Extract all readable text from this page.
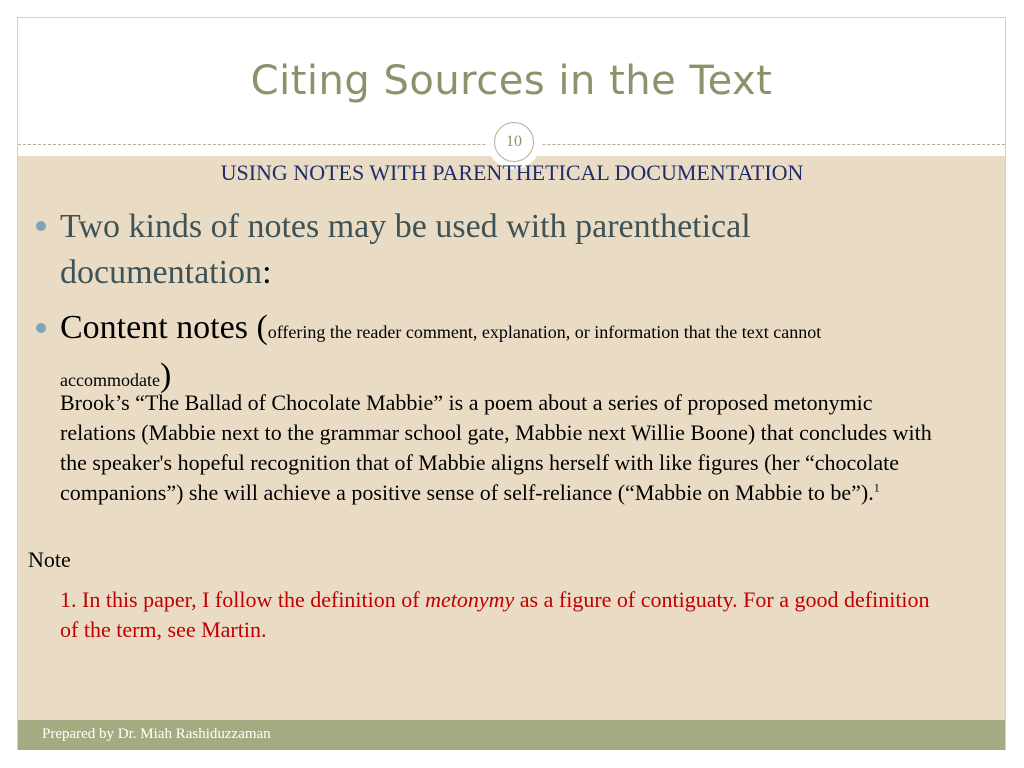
Citing Sources in the Text
10
Prepared by Dr. Miah Rashiduzzaman
USING NOTES WITH PARENTHETICAL DOCUMENTATION
Two kinds of notes may be used with parenthetical documentation:
Content notes (offering the reader comment, explanation, or information that the text cannot accommodate)
Brook’s “The Ballad of Chocolate Mabbie” is a poem about a series of proposed metonymic relations (Mabbie next to the grammar school gate, Mabbie next Willie Boone) that concludes with the speaker's hopeful recognition that of Mabbie aligns herself with like figures (her “chocolate companions”) she will achieve a positive sense of self-reliance (“Mabbie on Mabbie to be”).$^1$
Note
1. In this paper, I follow the definition of metonymy as a figure of contiguaty. For a good definition of the term, see Martin.
